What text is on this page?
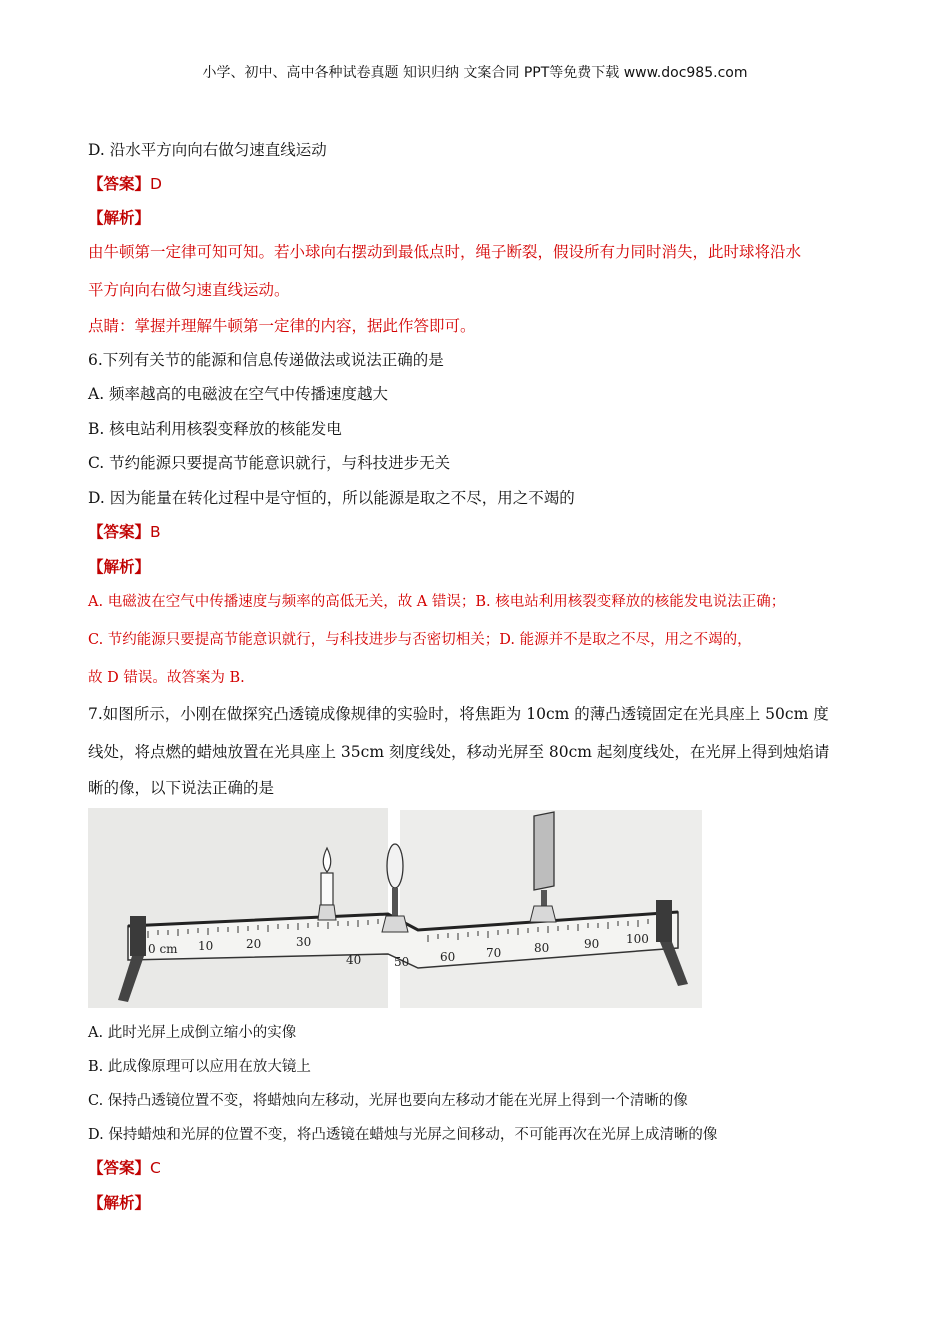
小学、初中、高中各种试卷真题 知识归纳 文案合同 PPT等免费下载 www.doc985.com
D. 沿水平方向向右做匀速直线运动
【答案】D
【解析】
由牛顿第一定律可知可知。若小球向右摆动到最低点时，绳子断裂，假设所有力同时消失，此时球将沿水
平方向向右做匀速直线运动。
点睛：掌握并理解牛顿第一定律的内容，据此作答即可。
6.下列有关节的能源和信息传递做法或说法正确的是
A. 频率越高的电磁波在空气中传播速度越大
B. 核电站利用核裂变释放的核能发电
C. 节约能源只要提高节能意识就行，与科技进步无关
D. 因为能量在转化过程中是守恒的，所以能源是取之不尽，用之不竭的
【答案】B
【解析】
A. 电磁波在空气中传播速度与频率的高低无关，故 A 错误；B. 核电站利用核裂变释放的核能发电说法正确；
C. 节约能源只要提高节能意识就行，与科技进步与否密切相关；D. 能源并不是取之不尽，用之不竭的，
故 D 错误。故答案为 B.
7.如图所示，小刚在做探究凸透镜成像规律的实验时，将焦距为 10cm 的薄凸透镜固定在光具座上 50cm 度
线处，将点燃的蜡烛放置在光具座上 35cm 刻度线处，移动光屏至 80cm 起刻度线处，在光屏上得到烛焰请
晰的像，以下说法正确的是
0 cm 10	20	30
40	50	60	70	80	90 100
A. 此时光屏上成倒立缩小的实像
B. 此成像原理可以应用在放大镜上
C. 保持凸透镜位置不变，将蜡烛向左移动，光屏也要向左移动才能在光屏上得到一个清晰的像
D. 保持蜡烛和光屏的位置不变，将凸透镜在蜡烛与光屏之间移动，不可能再次在光屏上成清晰的像
【答案】C
【解析】
